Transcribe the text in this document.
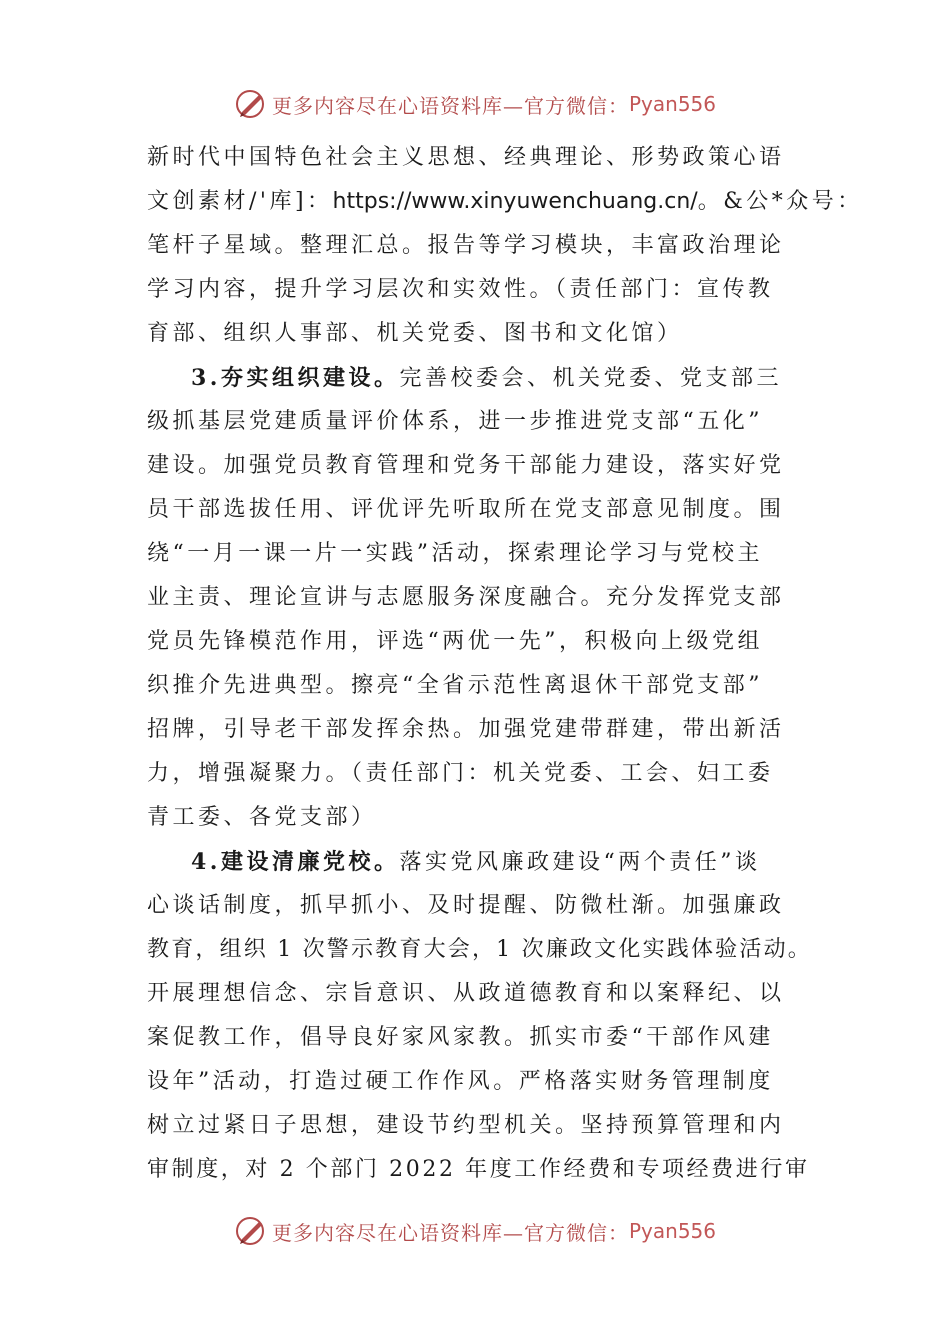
更多内容尽在心语资料库—官方微信： Pyan556
新时代中国特色社会主义思想、经典理论、形势政策心语
文创素材/'库]：https://www.xinyuwenchuang.cn/。&公*众号：
笔杆子星域。整理汇总。报告等学习模块，丰富政治理论
学习内容，提升学习层次和实效性。（责任部门：宣传教
育部、组织人事部、机关党委、图书和文化馆）
3.夯实组织建设。完善校委会、机关党委、党支部三
级抓基层党建质量评价体系，进一步推进党支部“五化”
建设。加强党员教育管理和党务干部能力建设，落实好党
员干部选拔任用、评优评先听取所在党支部意见制度。围
绕“一月一课一片一实践”活动，探索理论学习与党校主
业主责、理论宣讲与志愿服务深度融合。充分发挥党支部
党员先锋模范作用，评选“两优一先”，积极向上级党组
织推介先进典型。擦亮“全省示范性离退休干部党支部”
招牌，引导老干部发挥余热。加强党建带群建，带出新活
力，增强凝聚力。（责任部门：机关党委、工会、妇工委
青工委、各党支部）
4.建设清廉党校。落实党风廉政建设“两个责任”谈
心谈话制度，抓早抓小、及时提醒、防微杜渐。加强廉政
教育，组织 1 次警示教育大会，1 次廉政文化实践体验活动。
开展理想信念、宗旨意识、从政道德教育和以案释纪、以
案促教工作，倡导良好家风家教。抓实市委“干部作风建
设年”活动，打造过硬工作作风。严格落实财务管理制度
树立过紧日子思想，建设节约型机关。坚持预算管理和内
审制度，对 2 个部门 2022 年度工作经费和专项经费进行审
更多内容尽在心语资料库—官方微信： Pyan556
